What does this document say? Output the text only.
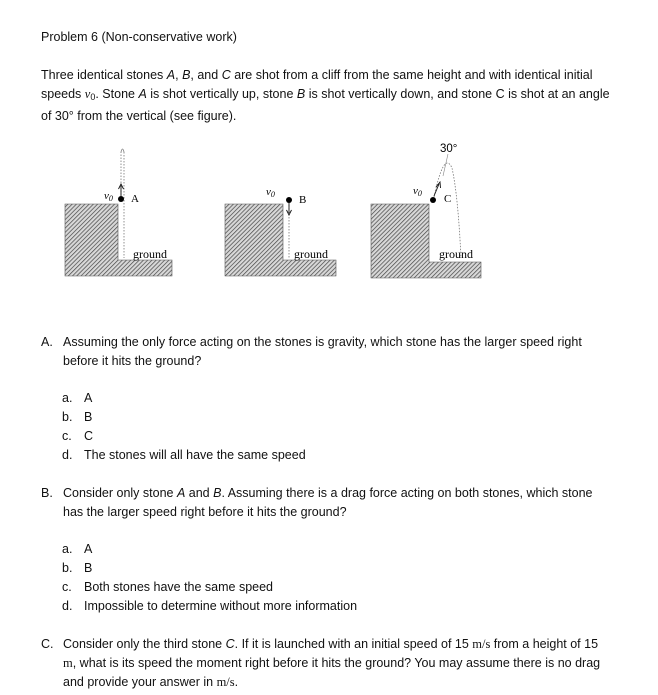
Problem 6 (Non-conservative work)
Three identical stones A, B, and C are shot from a cliff from the same height and with identical initial speeds $v_0$. Stone A is shot vertically up, stone B is shot vertically down, and stone C is shot at an angle of 30° from the vertical (see figure).
v0 A
ground
v0 B
ground
v0 C
ground
30°
A. Assuming the only force acting on the stones is gravity, which stone has the larger speed right before it hits the ground?
a. A
b. B
c. C
d. The stones will all have the same speed
B. Consider only stone A and B. Assuming there is a drag force acting on both stones, which stone has the larger speed right before it hits the ground?
a. A
b. B
c. Both stones have the same speed
d. Impossible to determine without more information
C. Consider only the third stone C. If it is launched with an initial speed of 15 m/s from a height of 15 m, what is its speed the moment right before it hits the ground? You may assume there is no drag and provide your answer in m/s.
